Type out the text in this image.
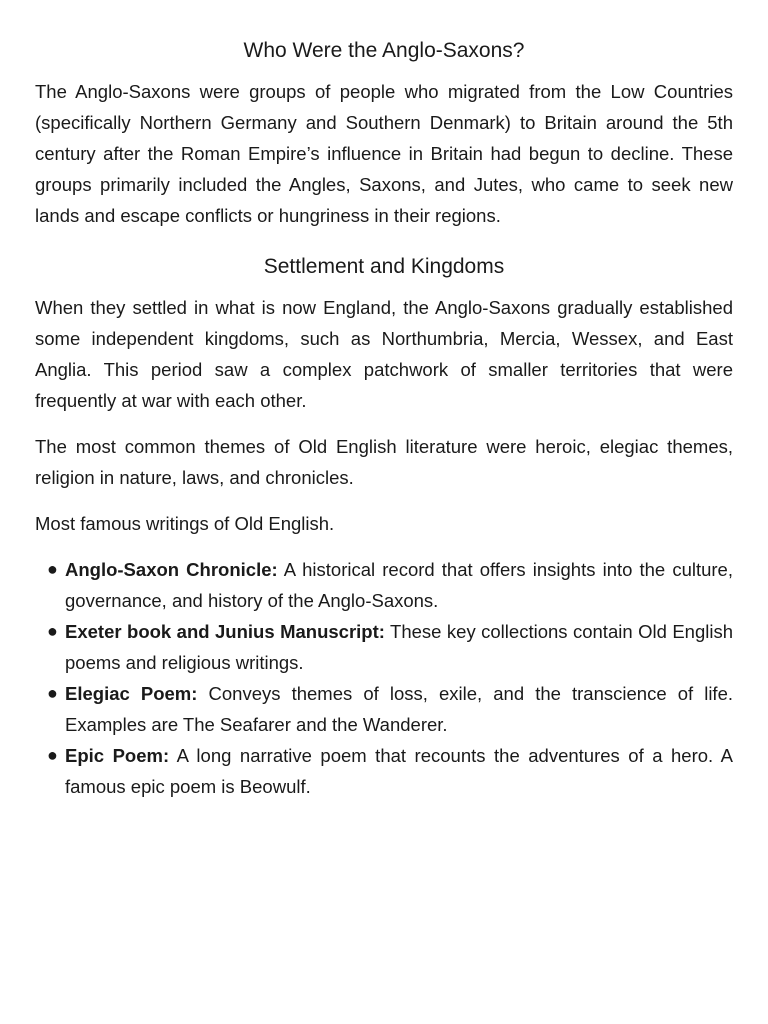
Who Were the Anglo-Saxons?

The Anglo-Saxons were groups of people who migrated from the Low Countries (specifically Northern Germany and Southern Denmark) to Britain around the 5th century after the Roman Empire’s influence in Britain had begun to decline. These groups primarily included the Angles, Saxons, and Jutes, who came to seek new lands and escape conflicts or hungriness in their regions.

Settlement and Kingdoms

When they settled in what is now England, the Anglo-Saxons gradually established some independent kingdoms, such as Northumbria, Mercia, Wessex, and East Anglia. This period saw a complex patchwork of smaller territories that were frequently at war with each other.

The most common themes of Old English literature were heroic, elegiac themes, religion in nature, laws, and chronicles.

Most famous writings of Old English.

● Anglo-Saxon Chronicle: A historical record that offers insights into the culture, governance, and history of the Anglo-Saxons.
● Exeter book and Junius Manuscript: These key collections contain Old English poems and religious writings.
● Elegiac Poem: Conveys themes of loss, exile, and the transcience of life. Examples are The Seafarer and the Wanderer.
● Epic Poem: A long narrative poem that recounts the adventures of a hero. A famous epic poem is Beowulf.
